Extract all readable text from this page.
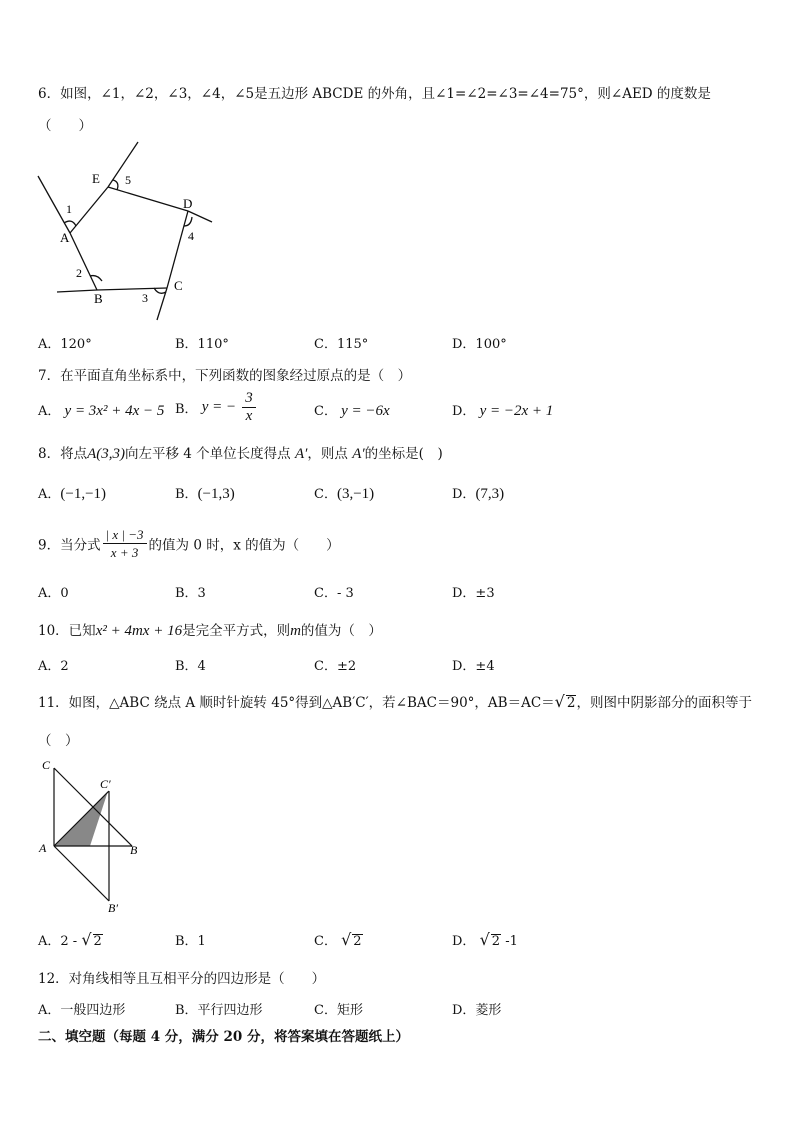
6．如图，∠1，∠2，∠3，∠4，∠5是五边形 ABCDE 的外角，且∠1=∠2=∠3=∠4=75°，则∠AED 的度数是
（　　）
A
B
C
D
E
1
2
3
4
5
A．120°	B．110°	C．115°	D．100°
7．在平面直角坐标系中，下列函数的图象经过原点的是（　）
A． y = 3x² + 4x − 5 B． y = − $\frac{3}{x}$	C． y = −6x	D． y = −2x + 1
8．将点A(3,3)向左平移 4 个单位长度得点 A′，则点 A′的坐标是(　)
A．(−1,−1)	B．(−1,3)	C．(3,−1)	D．(7,3)
9．当分式 $\frac{| x | -3}{x + 3}$ 的值为 0 时，x 的值为（　　）
A．0	B．3	C．- 3	D．±3
10．已知x² + 4mx + 16是完全平方式，则m的值为（　）
A．2	B．4	C．±2	D．±4
11．如图，△ABC 绕点 A 顺时针旋转 45°得到△AB′C′，若∠BAC＝90°，AB＝AC＝√ 2，则图中阴影部分的面积等于
（　）
C
C′
A	B
B′
A．2 - √ 2	B．1	C． √ 2	D． √ 2 -1
12．对角线相等且互相平分的四边形是（　　）
A．一般四边形	B．平行四边形	C．矩形	D．菱形
二、填空题（每题 4 分，满分 20 分，将答案填在答题纸上）
